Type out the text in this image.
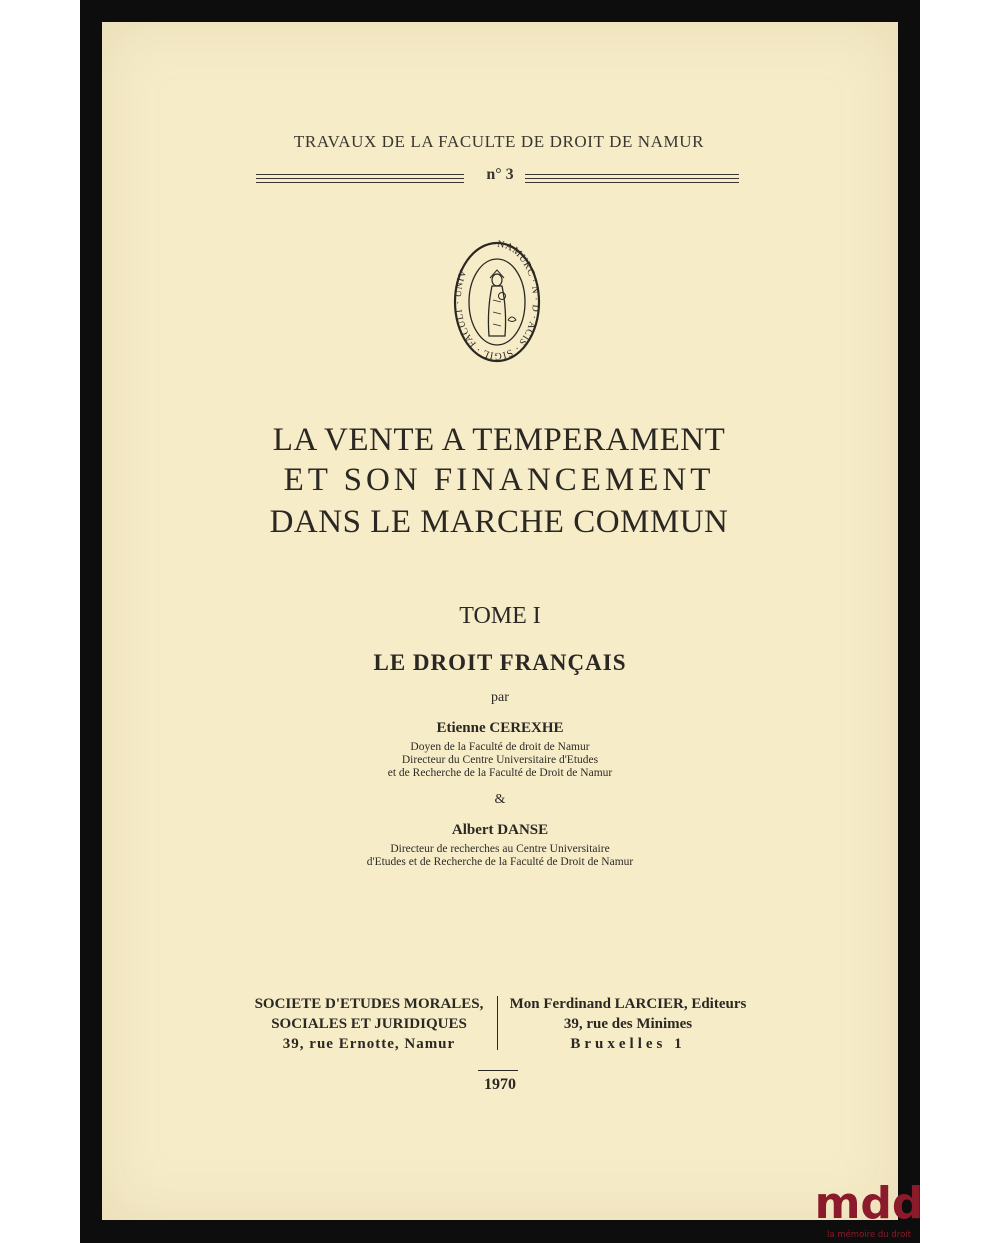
TRAVAUX DE LA FACULTE DE DROIT DE NAMUR
n° 3
NAMURC · N · D · ACIS · SIGIL · FACULT · UNIV
LA VENTE A TEMPERAMENT
ET SON FINANCEMENT
DANS LE MARCHE COMMUN
TOME I
LE DROIT FRANÇAIS
par
Etienne CEREXHE
Doyen de la Faculté de droit de Namur
Directeur du Centre Universitaire d'Etudes
et de Recherche de la Faculté de Droit de Namur
&
Albert DANSE
Directeur de recherches au Centre Universitaire
d'Etudes et de Recherche de la Faculté de Droit de Namur
SOCIETE D'ETUDES MORALES,
SOCIALES ET JURIDIQUES
39, rue Ernotte, Namur
Mon Ferdinand LARCIER, Editeurs
39, rue des Minimes
Bruxelles 1
1970
mdd
la mémoire du droit
